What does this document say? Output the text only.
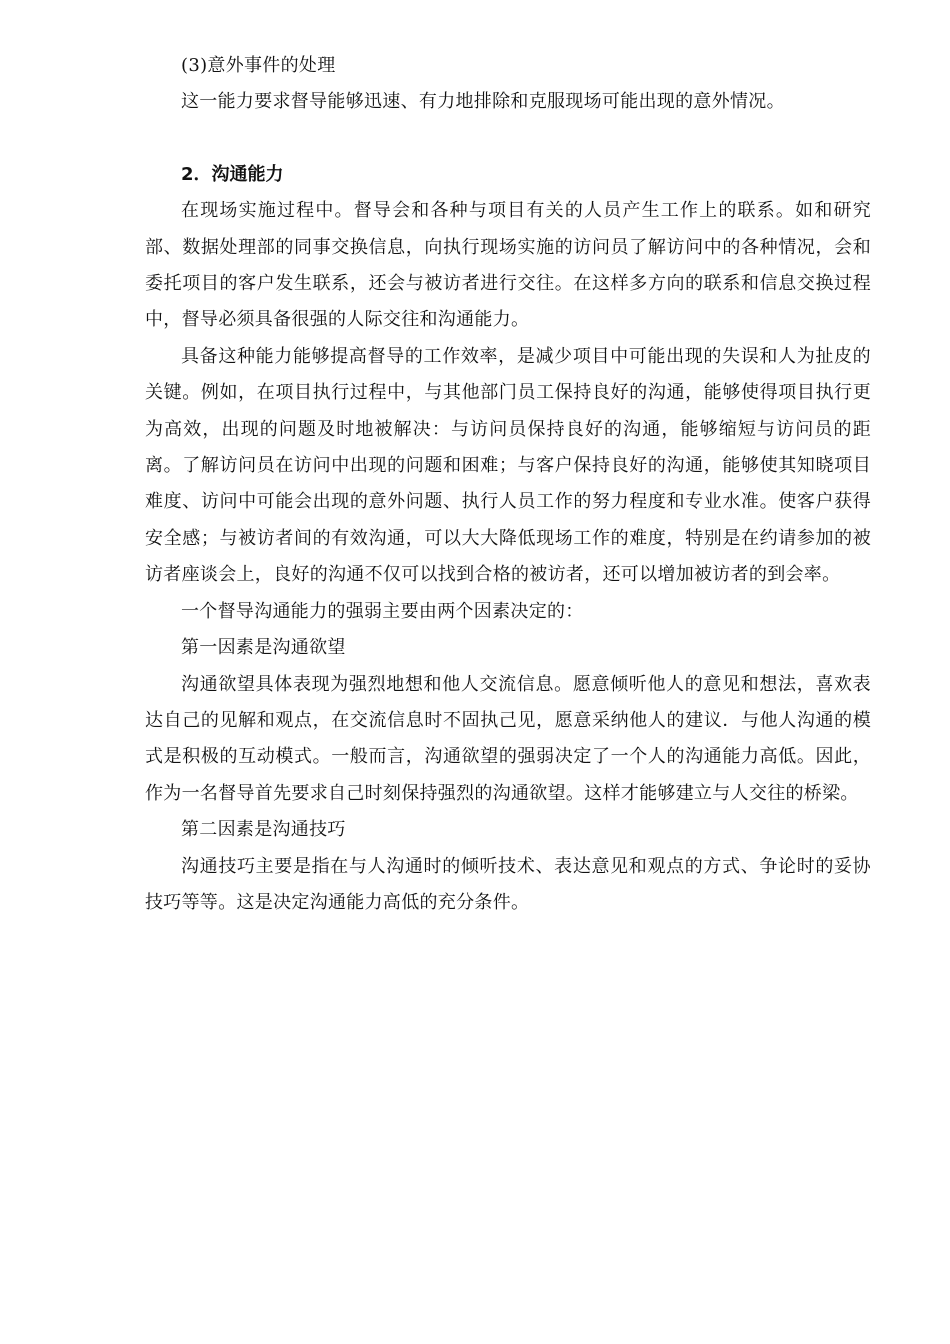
(3)意外事件的处理

这一能力要求督导能够迅速、有力地排除和克服现场可能出现的意外情况。

2．沟通能力

在现场实施过程中。督导会和各种与项目有关的人员产生工作上的联系。如和研究部、数据处理部的同事交换信息，向执行现场实施的访问员了解访问中的各种情况，会和委托项目的客户发生联系，还会与被访者进行交往。在这样多方向的联系和信息交换过程中，督导必须具备很强的人际交往和沟通能力。

具备这种能力能够提高督导的工作效率，是减少项目中可能出现的失误和人为扯皮的关键。例如，在项目执行过程中，与其他部门员工保持良好的沟通，能够使得项目执行更为高效，出现的问题及时地被解决：与访问员保持良好的沟通，能够缩短与访问员的距离。了解访问员在访问中出现的问题和困难；与客户保持良好的沟通，能够使其知晓项目难度、访问中可能会出现的意外问题、执行人员工作的努力程度和专业水准。使客户获得安全感；与被访者间的有效沟通，可以大大降低现场工作的难度，特别是在约请参加的被访者座谈会上，良好的沟通不仅可以找到合格的被访者，还可以增加被访者的到会率。

一个督导沟通能力的强弱主要由两个因素决定的：

第一因素是沟通欲望

沟通欲望具体表现为强烈地想和他人交流信息。愿意倾听他人的意见和想法，喜欢表达自己的见解和观点，在交流信息时不固执己见，愿意采纳他人的建议．与他人沟通的模式是积极的互动模式。一般而言，沟通欲望的强弱决定了一个人的沟通能力高低。因此，作为一名督导首先要求自己时刻保持强烈的沟通欲望。这样才能够建立与人交往的桥梁。

第二因素是沟通技巧

沟通技巧主要是指在与人沟通时的倾听技术、表达意见和观点的方式、争论时的妥协技巧等等。这是决定沟通能力高低的充分条件。
